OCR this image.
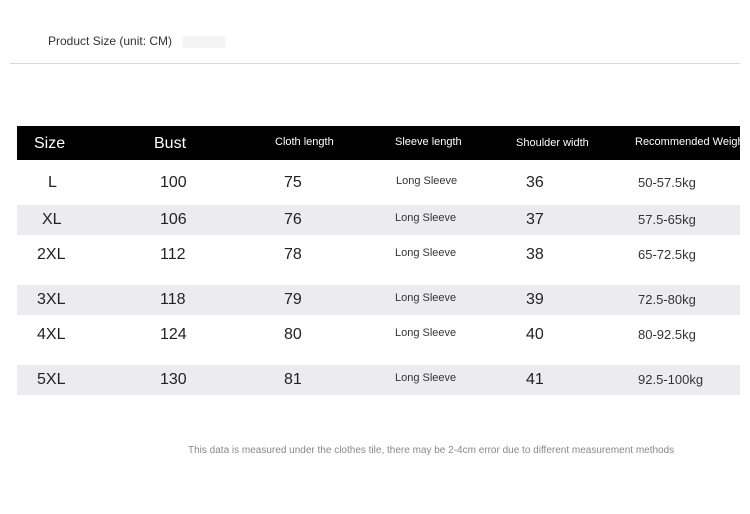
Product Size (unit: CM)
Size	Bust	Cloth length	Sleeve length	Shoulder width	Recommended Weigh
L	100	75	Long Sleeve	36	50-57.5kg
XL	106	76	Long Sleeve	37	57.5-65kg
2XL	112	78	Long Sleeve	38	65-72.5kg
3XL	118	79	Long Sleeve	39	72.5-80kg
4XL	124	80	Long Sleeve	40	80-92.5kg
5XL	130	81	Long Sleeve	41	92.5-100kg
This data is measured under the clothes tile, there may be 2-4cm error due to different measurement methods
